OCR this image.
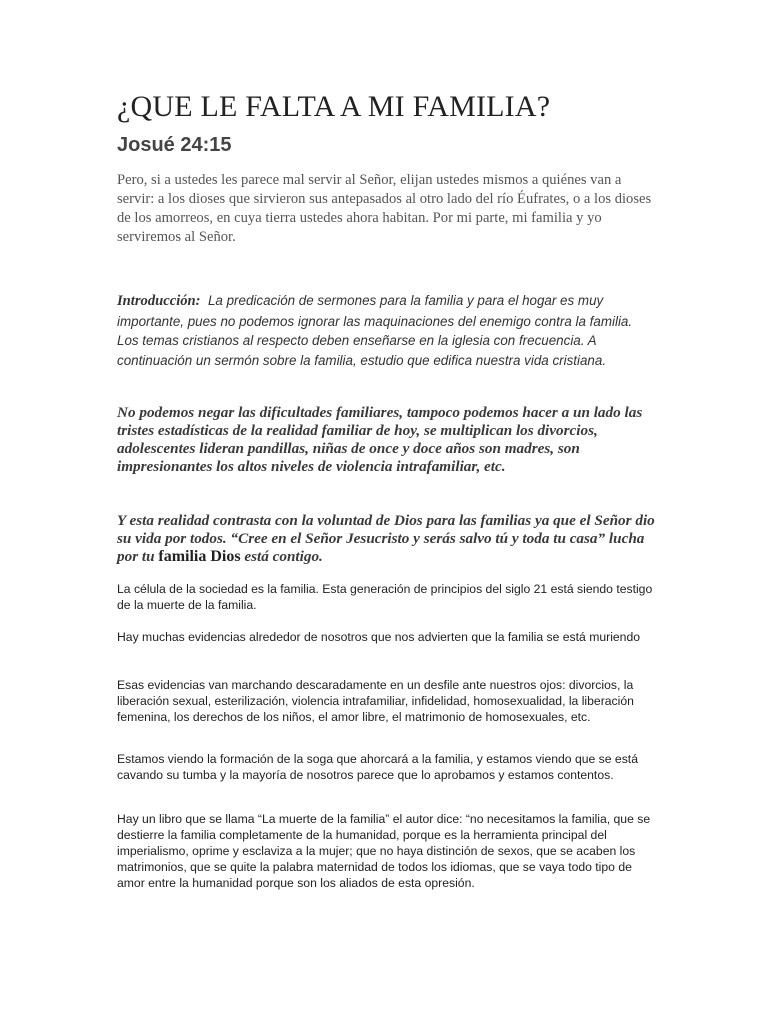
¿QUE LE FALTA A MI FAMILIA?
Josué 24:15

Pero, si a ustedes les parece mal servir al Señor, elijan ustedes mismos a quiénes van a servir: a los dioses que sirvieron sus antepasados al otro lado del río Éufrates, o a los dioses de los amorreos, en cuya tierra ustedes ahora habitan. Por mi parte, mi familia y yo serviremos al Señor.

Introducción: La predicación de sermones para la familia y para el hogar es muy importante, pues no podemos ignorar las maquinaciones del enemigo contra la familia. Los temas cristianos al respecto deben enseñarse en la iglesia con frecuencia. A continuación un sermón sobre la familia, estudio que edifica nuestra vida cristiana.

No podemos negar las dificultades familiares, tampoco podemos hacer a un lado las tristes estadísticas de la realidad familiar de hoy, se multiplican los divorcios, adolescentes lideran pandillas, niñas de once y doce años son madres, son impresionantes los altos niveles de violencia intrafamiliar, etc.

Y esta realidad contrasta con la voluntad de Dios para las familias ya que el Señor dio su vida por todos. “Cree en el Señor Jesucristo y serás salvo tú y toda tu casa” lucha por tu familia Dios está contigo.

La célula de la sociedad es la familia. Esta generación de principios del siglo 21 está siendo testigo de la muerte de la familia.

Hay muchas evidencias alrededor de nosotros que nos advierten que la familia se está muriendo

Esas evidencias van marchando descaradamente en un desfile ante nuestros ojos: divorcios, la liberación sexual, esterilización, violencia intrafamiliar, infidelidad, homosexualidad, la liberación femenina, los derechos de los niños, el amor libre, el matrimonio de homosexuales, etc.

Estamos viendo la formación de la soga que ahorcará a la familia, y estamos viendo que se está cavando su tumba y la mayoría de nosotros parece que lo aprobamos y estamos contentos.

Hay un libro que se llama “La muerte de la familia” el autor dice: “no necesitamos la familia, que se destierre la familia completamente de la humanidad, porque es la herramienta principal del imperialismo, oprime y esclaviza a la mujer; que no haya distinción de sexos, que se acaben los matrimonios, que se quite la palabra maternidad de todos los idiomas, que se vaya todo tipo de amor entre la humanidad porque son los aliados de esta opresión.
